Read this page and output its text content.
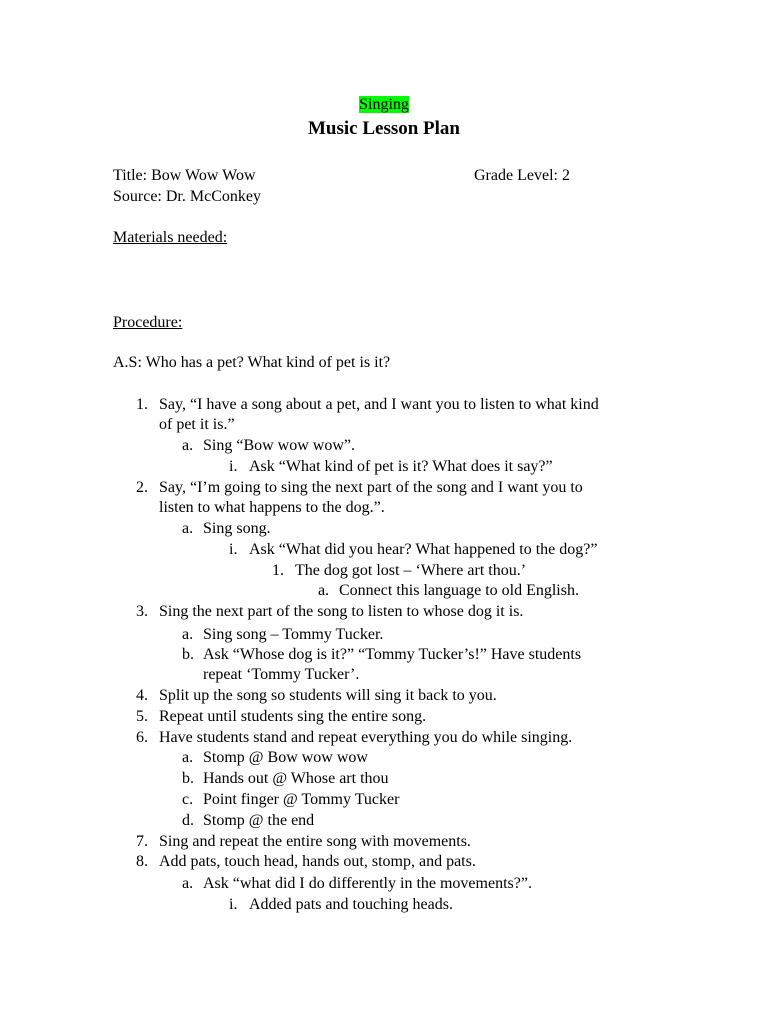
Singing
Music Lesson Plan
Title: Bow Wow Wow	Grade Level: 2
Source: Dr. McConkey
Materials needed:
Procedure:
A.S: Who has a pet? What kind of pet is it?
1. Say, “I have a song about a pet, and I want you to listen to what kind
of pet it is.”
a. Sing “Bow wow wow”.
i. Ask “What kind of pet is it? What does it say?”
2. Say, “I’m going to sing the next part of the song and I want you to
listen to what happens to the dog.”.
a. Sing song.
i. Ask “What did you hear? What happened to the dog?”
1. The dog got lost – ‘Where art thou.’
a. Connect this language to old English.
3. Sing the next part of the song to listen to whose dog it is.
a. Sing song – Tommy Tucker.
b. Ask “Whose dog is it?” “Tommy Tucker’s!” Have students
repeat ‘Tommy Tucker’.
4. Split up the song so students will sing it back to you.
5. Repeat until students sing the entire song.
6. Have students stand and repeat everything you do while singing.
a. Stomp @ Bow wow wow
b. Hands out @ Whose art thou
c. Point finger @ Tommy Tucker
d. Stomp @ the end
7. Sing and repeat the entire song with movements.
8. Add pats, touch head, hands out, stomp, and pats.
a. Ask “what did I do differently in the movements?”.
i. Added pats and touching heads.
